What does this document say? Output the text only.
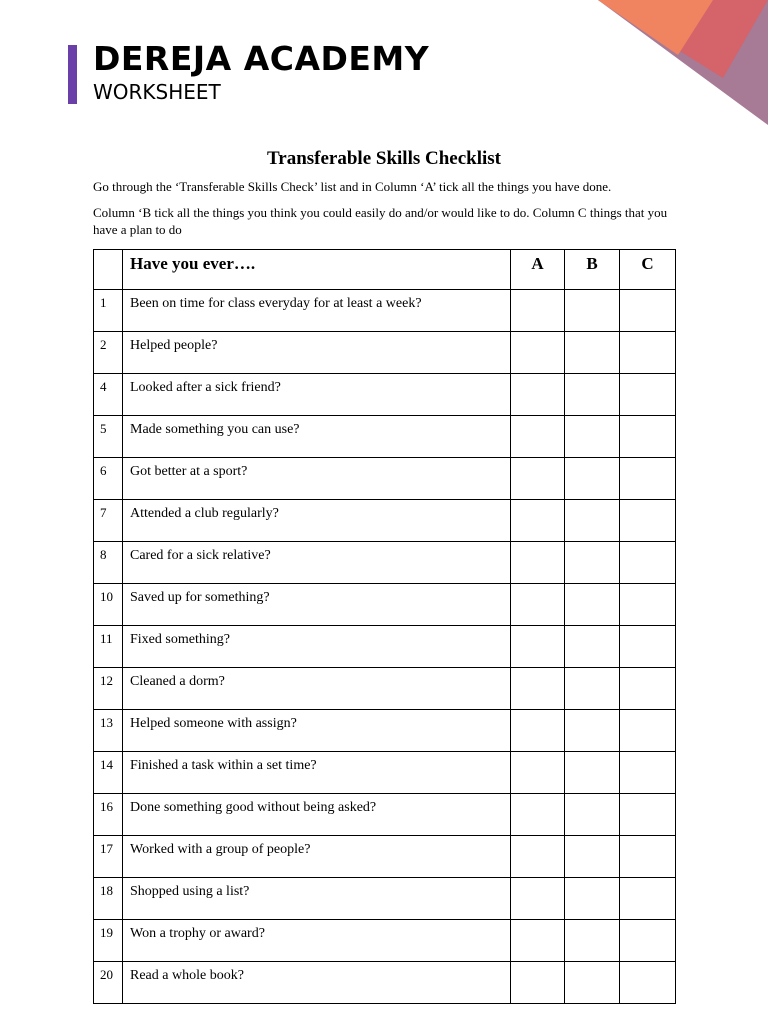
DEREJA ACADEMY
WORKSHEET
Transferable Skills Checklist

Go through the ‘Transferable Skills Check’ list and in Column ‘A’ tick all the things you have done.

Column ‘B tick all the things you think you could easily do and/or would like to do. Column C things that you have a plan to do

	Have you ever….	A	B	C
1	Been on time for class everyday for at least a week?			
2	Helped people?			
4	Looked after a sick friend?			
5	Made something you can use?			
6	Got better at a sport?			
7	Attended a club regularly?			
8	Cared for a sick relative?			
10	Saved up for something?			
11	Fixed something?			
12	Cleaned a dorm?			
13	Helped someone with assign?			
14	Finished a task within a set time?			
16	Done something good without being asked?			
17	Worked with a group of people?			
18	Shopped using a list?			
19	Won a trophy or award?			
20	Read a whole book?			
